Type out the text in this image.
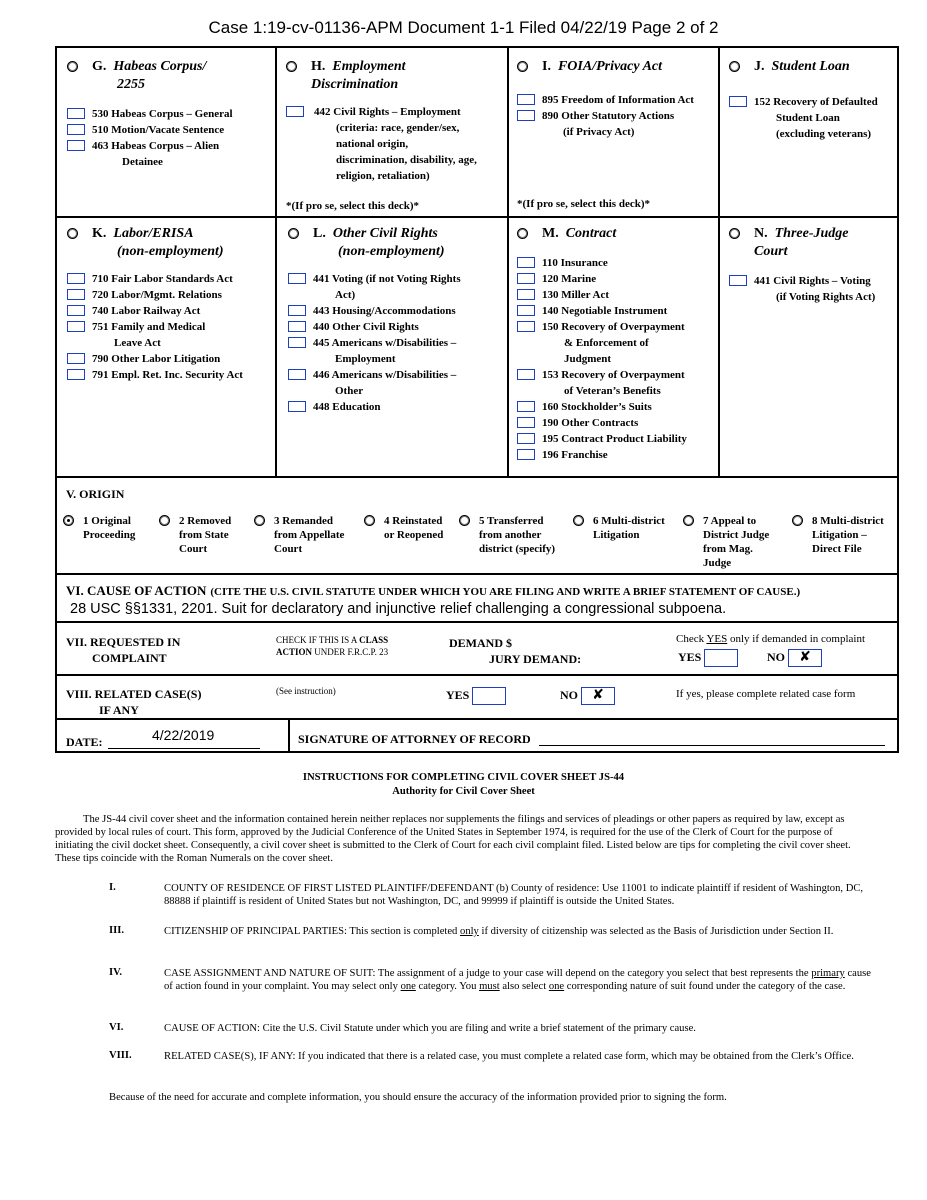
Case 1:19-cv-01136-APM Document 1-1 Filed 04/22/19 Page 2 of 2
G. Habeas Corpus/
2255
530 Habeas Corpus – General
510 Motion/Vacate Sentence
463 Habeas Corpus – Alien
Detainee
H. Employment
Discrimination
442 Civil Rights – Employment
(criteria: race, gender/sex,
national origin,
discrimination, disability, age,
religion, retaliation)
*(If pro se, select this deck)*
I. FOIA/Privacy Act
895 Freedom of Information Act
890 Other Statutory Actions
(if Privacy Act)
*(If pro se, select this deck)*
J. Student Loan
152 Recovery of Defaulted
Student Loan
(excluding veterans)
K. Labor/ERISA
(non-employment)
710 Fair Labor Standards Act
720 Labor/Mgmt. Relations
740 Labor Railway Act
751 Family and Medical
Leave Act
790 Other Labor Litigation
791 Empl. Ret. Inc. Security Act
L. Other Civil Rights
(non-employment)
441 Voting (if not Voting Rights
Act)
443 Housing/Accommodations
440 Other Civil Rights
445 Americans w/Disabilities –
Employment
446 Americans w/Disabilities –
Other
448 Education
M. Contract
110 Insurance
120 Marine
130 Miller Act
140 Negotiable Instrument
150 Recovery of Overpayment
& Enforcement of
Judgment
153 Recovery of Overpayment
of Veteran’s Benefits
160 Stockholder’s Suits
190 Other Contracts
195 Contract Product Liability
196 Franchise
N. Three-Judge
Court
441 Civil Rights – Voting
(if Voting Rights Act)
V. ORIGIN
1 Original
Proceeding
2 Removed
from State
Court
3 Remanded
from Appellate
Court
4 Reinstated
or Reopened
5 Transferred
from another
district (specify)
6 Multi-district
Litigation
7 Appeal to
District Judge
from Mag.
Judge
8 Multi-district
Litigation –
Direct File
VI. CAUSE OF ACTION (CITE THE U.S. CIVIL STATUTE UNDER WHICH YOU ARE FILING AND WRITE A BRIEF STATEMENT OF CAUSE.)
28 USC §§1331, 2201. Suit for declaratory and injunctive relief challenging a congressional subpoena.
VII. REQUESTED IN
COMPLAINT
CHECK IF THIS IS A CLASS
ACTION UNDER F.R.C.P. 23
DEMAND $
JURY DEMAND:
Check YES only if demanded in complaint
YES	NO ✘
VIII. RELATED CASE(S)
IF ANY
(See instruction)	YES	NO ✘	If yes, please complete related case form
DATE:	4/22/2019	SIGNATURE OF ATTORNEY OF RECORD
INSTRUCTIONS FOR COMPLETING CIVIL COVER SHEET JS-44
Authority for Civil Cover Sheet
The JS-44 civil cover sheet and the information contained herein neither replaces nor supplements the filings and services of pleadings or other papers as required by law, except as provided by local rules of court. This form, approved by the Judicial Conference of the United States in September 1974, is required for the use of the Clerk of Court for the purpose of initiating the civil docket sheet. Consequently, a civil cover sheet is submitted to the Clerk of Court for each civil complaint filed. Listed below are tips for completing the civil cover sheet. These tips coincide with the Roman Numerals on the cover sheet.
I.	COUNTY OF RESIDENCE OF FIRST LISTED PLAINTIFF/DEFENDANT (b) County of residence: Use 11001 to indicate plaintiff if resident of Washington, DC, 88888 if plaintiff is resident of United States but not Washington, DC, and 99999 if plaintiff is outside the United States.
III.	CITIZENSHIP OF PRINCIPAL PARTIES: This section is completed only if diversity of citizenship was selected as the Basis of Jurisdiction under Section II.
IV.	CASE ASSIGNMENT AND NATURE OF SUIT: The assignment of a judge to your case will depend on the category you select that best represents the primary cause of action found in your complaint. You may select only one category. You must also select one corresponding nature of suit found under the category of the case.
VI.	CAUSE OF ACTION: Cite the U.S. Civil Statute under which you are filing and write a brief statement of the primary cause.
VIII.	RELATED CASE(S), IF ANY: If you indicated that there is a related case, you must complete a related case form, which may be obtained from the Clerk’s Office.
Because of the need for accurate and complete information, you should ensure the accuracy of the information provided prior to signing the form.
